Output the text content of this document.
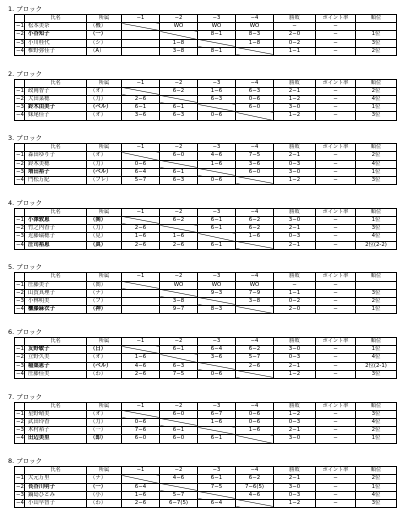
1. ブロック
	氏名	所属	−1	−2	−3	−4	勝敗	ポイント率	順位
−1	松本美奈	（機）		WO	WO	WO	−	−	
−2	小谷知子	（一）			8−1	8−3	2−0	−	1位
−3	小川桂代	（シ）		1−8		1−8	0−2	−	3位
−4	椎野弥佳子	（A）		3−8	8−1		1−1	−	2位
2. ブロック
	氏名	所属	−1	−2	−3	−4	勝敗	ポイント率	順位
−1	政岡智子	（オ）		6−2	1−6	6−3	2−1	−	2位
−2	大田菜穂	（力）	2−6		6−3	0−6	1−2	−	4位
−3	鈴木由美子	（ベル）	6−1	6−1		6−0	3−0	−	1位
−4	妹尾佳子	（オ）	3−6	6−3	0−6		1−2	−	3位
3. ブロック
	氏名	所属	−1	−2	−3	−4	勝敗	ポイント率	順位
−1	森田ゆり子	（オ）		6−0	4−6	7−5	2−1	−	2位
−2	鈴木美穂	（力）	0−6		1−6	3−6	0−3	−	4位
−3	増田裕子	（ベル）	6−4	6−1		6−0	3−0	−	1位
−4	門松万紀	（フレ）	5−7	6−3	0−6		1−2	−	3位
4. ブロック
	氏名	所属	−1	−2	−3	−4	勝敗	ポイント率	順位
−1	小澤敦恵	（関）		6−2	6−1	6−2	3−0	−	1位
−2	竹之内香子	（力）	2−6		6−1	6−2	2−1	−	3位
−3	近藤瑞穂子	（見）	1−6	1−6		1−6	0−3	−	4位
−4	庄司裕恵	（真）	2−6	2−6	6−1		2−1	−	2位(2-2)
5. ブロック
	氏名	所属	−1	−2	−3	−4	勝敗	ポイント率	順位
−1	庄藤美子	（関）		WO	WO	WO	−	−	
−2	山賀真理子	（ナ）			9−3	7−9	1−1	−	3位
−3	小林明美	（フ）		3−8		3−8	0−2	−	2位
−4	櫃藤麻衣子	（神）		9−7	8−3		2−0	−	1位
6. ブロック
	氏名	所属	−1	−2	−3	−4	勝敗	ポイント率	順位
−1	友野敏子	（日）		6−1	6−4	6−2	3−0	−	1位
−2	立野久美	（オ）	1−6		3−6	5−7	0−3	−	4位
−3	稲葉恵子	（ベル）	4−6	6−3		2−6	2−1	−	2位(2-1)
−4	庄藤佳美	（わ）	2−6	7−5	0−6		1−2	−	3位
7. ブロック
	氏名	所属	−1	−2	−3	−4	勝敗	ポイント率	順位
−1	星野晴美	（オ）		6−0	6−7	0−6	1−2	−	3位
−2	武田玲香	（力）	0−6		1−6	0−6	0−3	−	4位
−3	木村裕子	（一）	7−6	6−1		1−6	2−1	−	2位
−4	田辺美里	（即）	6−0	6−0	6−1		3−0	−	1位
8. ブロック
	氏名	所属	−1	−2	−3	−4	勝敗	ポイント率	順位
−1	大元万里	（ナ）		4−6	6−1	6−2	2−1	−	2位
−2	長谷川明子	（一）	6−4		7−5	7−6(5)	3−0	−	1位
−3	鍋島ひとみ	（小）	1−6	5−7		4−6	0−3	−	4位
−4	小山早智子	（わ）	2−6	6−7(5)	6−4		1−2	−	3位
